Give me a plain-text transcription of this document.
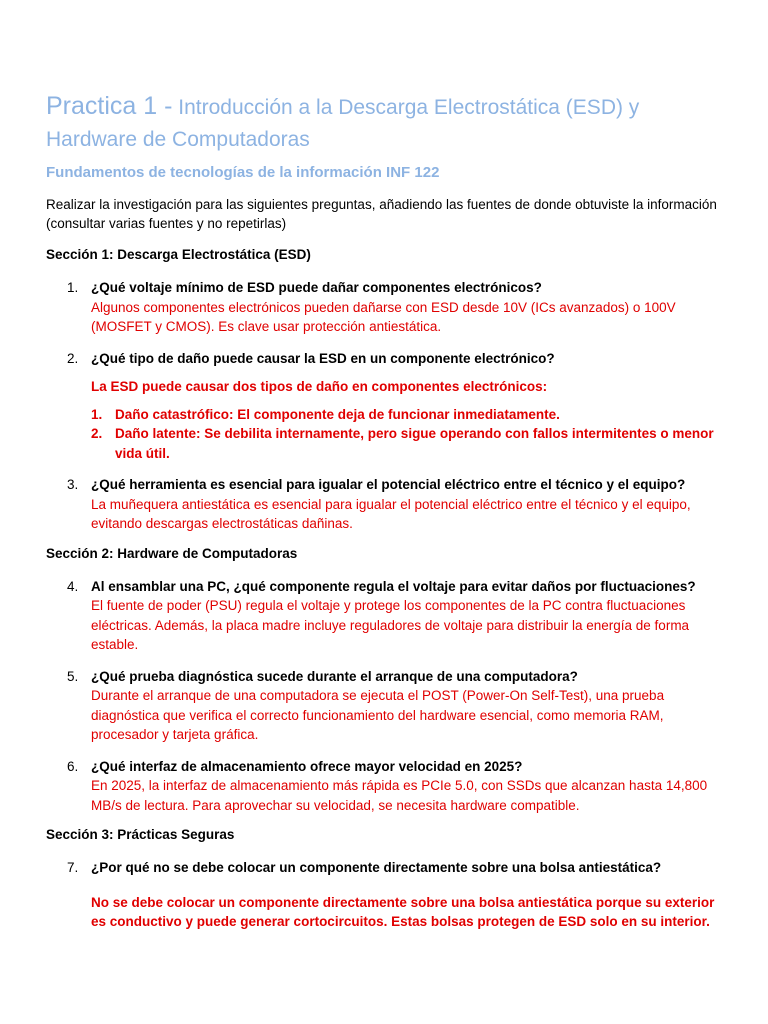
Practica 1 - Introducción a la Descarga Electrostática (ESD) y Hardware de Computadoras
Fundamentos de tecnologías de la información INF 122

Realizar la investigación para las siguientes preguntas, añadiendo las fuentes de donde obtuviste la información (consultar varias fuentes y no repetirlas)

Sección 1: Descarga Electrostática (ESD)
1. ¿Qué voltaje mínimo de ESD puede dañar componentes electrónicos?
Algunos componentes electrónicos pueden dañarse con ESD desde 10V (ICs avanzados) o 100V (MOSFET y CMOS). Es clave usar protección antiestática.
2. ¿Qué tipo de daño puede causar la ESD en un componente electrónico?
La ESD puede causar dos tipos de daño en componentes electrónicos:
1. Daño catastrófico: El componente deja de funcionar inmediatamente.
2. Daño latente: Se debilita internamente, pero sigue operando con fallos intermitentes o menor vida útil.
3. ¿Qué herramienta es esencial para igualar el potencial eléctrico entre el técnico y el equipo?
La muñequera antiestática es esencial para igualar el potencial eléctrico entre el técnico y el equipo, evitando descargas electrostáticas dañinas.
Sección 2: Hardware de Computadoras
4. Al ensamblar una PC, ¿qué componente regula el voltaje para evitar daños por fluctuaciones?
El fuente de poder (PSU) regula el voltaje y protege los componentes de la PC contra fluctuaciones eléctricas. Además, la placa madre incluye reguladores de voltaje para distribuir la energía de forma estable.
5. ¿Qué prueba diagnóstica sucede durante el arranque de una computadora?
Durante el arranque de una computadora se ejecuta el POST (Power-On Self-Test), una prueba diagnóstica que verifica el correcto funcionamiento del hardware esencial, como memoria RAM, procesador y tarjeta gráfica.
6. ¿Qué interfaz de almacenamiento ofrece mayor velocidad en 2025?
En 2025, la interfaz de almacenamiento más rápida es PCIe 5.0, con SSDs que alcanzan hasta 14,800 MB/s de lectura. Para aprovechar su velocidad, se necesita hardware compatible.
Sección 3: Prácticas Seguras
7. ¿Por qué no se debe colocar un componente directamente sobre una bolsa antiestática?
No se debe colocar un componente directamente sobre una bolsa antiestática porque su exterior es conductivo y puede generar cortocircuitos. Estas bolsas protegen de ESD solo en su interior.
